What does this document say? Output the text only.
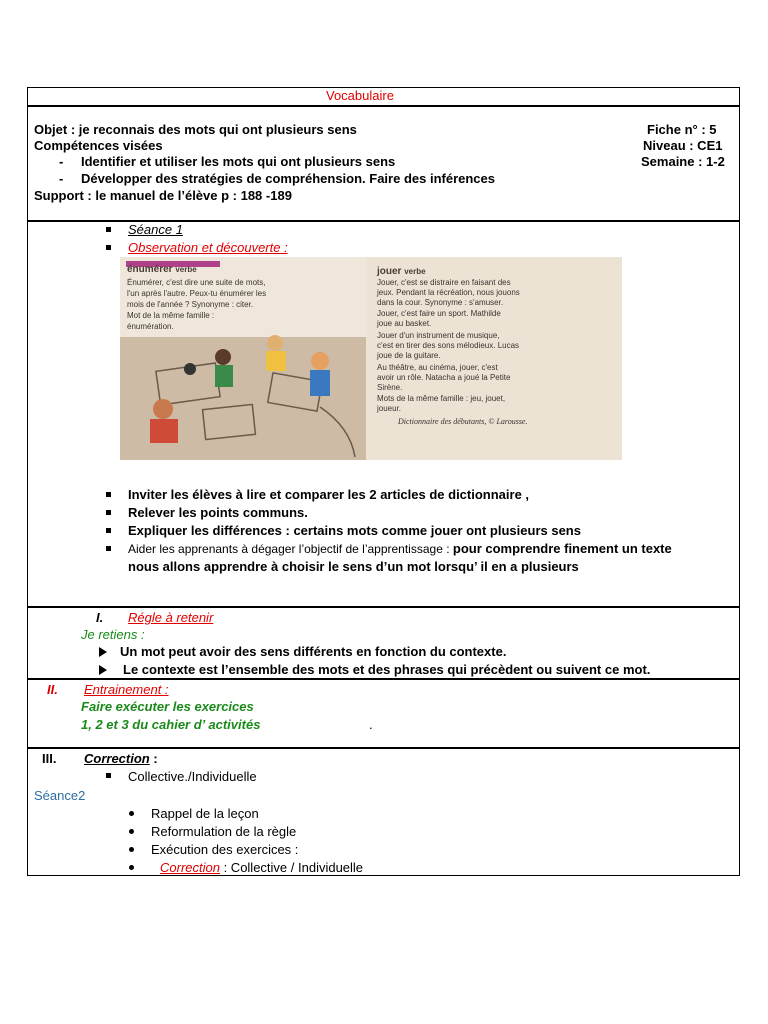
Vocabulaire
Objet : je reconnais des mots qui ont plusieurs sens
Compétences visées
- Identifier et utiliser les mots qui ont plusieurs sens
- Développer des stratégies de compréhension. Faire des inférences
Support : le manuel de l’élève p : 188 -189
Fiche n° : 5
Niveau : CE1
Semaine : 1-2
Séance 1
Observation et découverte :
énumérer verbe
Énumérer, c'est dire une suite de mots,
l'un après l'autre. Peux-tu énumérer les
mois de l'année ? Synonyme : citer.
Mot de la même famille :
énumération.
jouer verbe
Jouer, c'est se distraire en faisant des
jeux. Pendant la récréation, nous jouons
dans la cour. Synonyme : s'amuser.
Jouer, c'est faire un sport. Mathilde
joue au basket.
Jouer d'un instrument de musique,
c'est en tirer des sons mélodieux. Lucas
joue de la guitare.
Au théâtre, au cinéma, jouer, c'est
avoir un rôle. Natacha a joué la Petite
Sirène.
Mots de la même famille : jeu, jouet,
joueur.
Dictionnaire des débutants, © Larousse.
Inviter les élèves à lire et comparer les 2 articles de dictionnaire ,
Relever les points communs.
Expliquer les différences : certains mots comme jouer ont plusieurs sens
Aider les apprenants à dégager l’objectif de l’apprentissage : pour comprendre finement un texte
nous allons apprendre à choisir le sens d’un mot lorsqu’ il en a plusieurs
I. Régle à retenir
Je retiens :
Un mot peut avoir des sens différents en fonction du contexte.
Le contexte est l’ensemble des mots et des phrases qui précèdent ou suivent ce mot.
II. Entrainement :
Faire exécuter les exercices
1, 2 et 3 du cahier d’ activités	.
III. Correction :
Collective./Individuelle
Séance2
Rappel de la leçon
Reformulation de la règle
Exécution des exercices :
Correction : Collective / Individuelle
